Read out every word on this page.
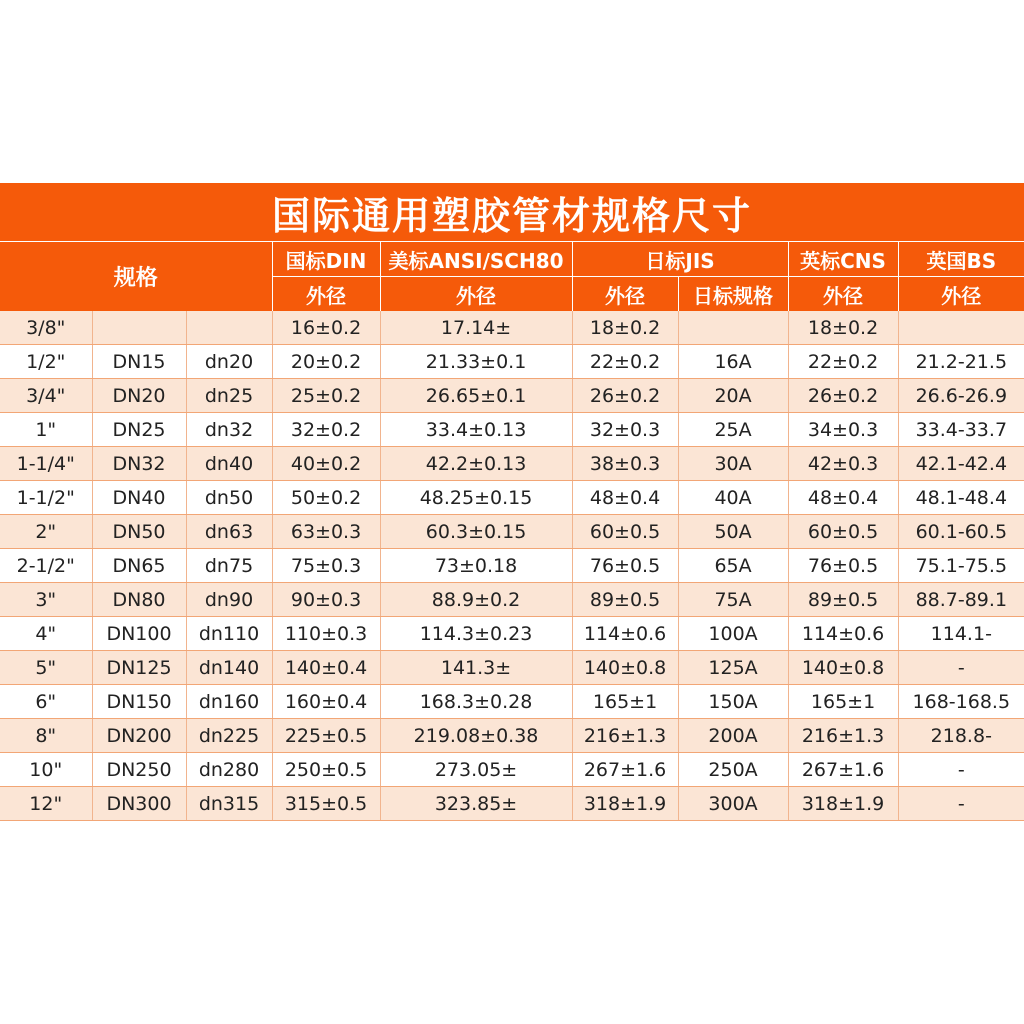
国际通用塑胶管材规格尺寸
规格			国标DIN	美标ANSI/SCH80	日标JIS		英标CNS	英国BS
			外径	外径	外径	日标规格	外径	外径
3/8"			16±0.2	17.14±	18±0.2		18±0.2	
1/2"	DN15	dn20	20±0.2	21.33±0.1	22±0.2	16A	22±0.2	21.2-21.5
3/4"	DN20	dn25	25±0.2	26.65±0.1	26±0.2	20A	26±0.2	26.6-26.9
1"	DN25	dn32	32±0.2	33.4±0.13	32±0.3	25A	34±0.3	33.4-33.7
1-1/4"	DN32	dn40	40±0.2	42.2±0.13	38±0.3	30A	42±0.3	42.1-42.4
1-1/2"	DN40	dn50	50±0.2	48.25±0.15	48±0.4	40A	48±0.4	48.1-48.4
2"	DN50	dn63	63±0.3	60.3±0.15	60±0.5	50A	60±0.5	60.1-60.5
2-1/2"	DN65	dn75	75±0.3	73±0.18	76±0.5	65A	76±0.5	75.1-75.5
3"	DN80	dn90	90±0.3	88.9±0.2	89±0.5	75A	89±0.5	88.7-89.1
4"	DN100	dn110	110±0.3	114.3±0.23	114±0.6	100A	114±0.6	114.1-
5"	DN125	dn140	140±0.4	141.3±	140±0.8	125A	140±0.8	-
6"	DN150	dn160	160±0.4	168.3±0.28	165±1	150A	165±1	168-168.5
8"	DN200	dn225	225±0.5	219.08±0.38	216±1.3	200A	216±1.3	218.8-
10"	DN250	dn280	250±0.5	273.05±	267±1.6	250A	267±1.6	-
12"	DN300	dn315	315±0.5	323.85±	318±1.9	300A	318±1.9	-
